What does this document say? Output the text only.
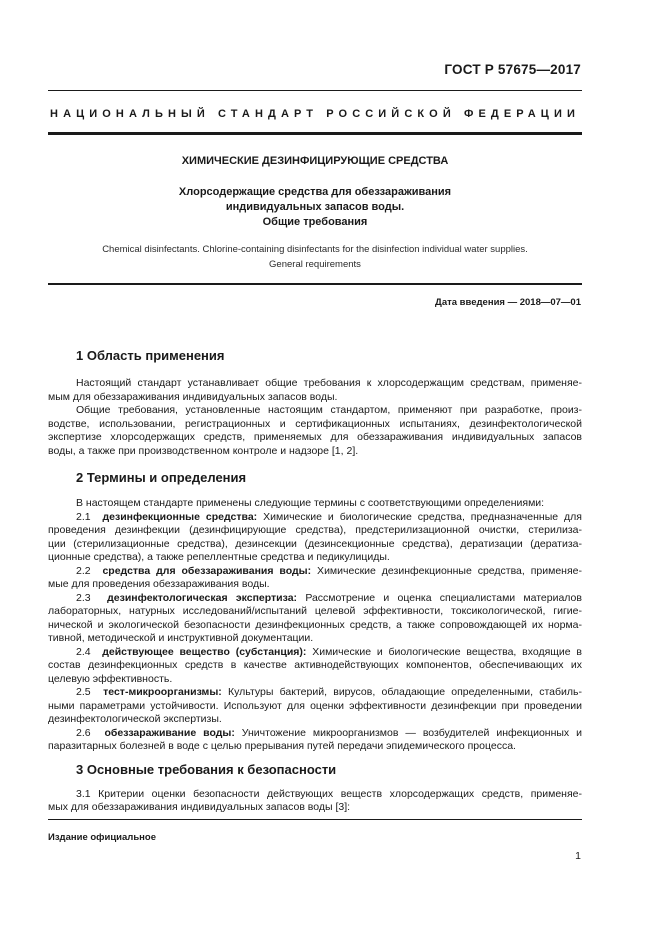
ГОСТ Р 57675—2017
НАЦИОНАЛЬНЫЙ СТАНДАРТ РОССИЙСКОЙ ФЕДЕРАЦИИ
ХИМИЧЕСКИЕ ДЕЗИНФИЦИРУЮЩИЕ СРЕДСТВА
Хлорсодержащие средства для обеззараживания
индивидуальных запасов воды.
Общие требования
Chemical disinfectants. Chlorine-containing disinfectants for the disinfection individual water supplies.
General requirements
Дата введения — 2018—07—01
1 Область применения
Настоящий стандарт устанавливает общие требования к хлорсодержащим средствам, применяе-
мым для обеззараживания индивидуальных запасов воды.
Общие требования, установленные настоящим стандартом, применяют при разработке, произ-
водстве, использовании, регистрационных и сертификационных испытаниях, дезинфектологической
экспертизе хлорсодержащих средств, применяемых для обеззараживания индивидуальных запасов
воды, а также при производственном контроле и надзоре [1, 2].
2 Термины и определения
В настоящем стандарте применены следующие термины с соответствующими определениями:
2.1 дезинфекционные средства: Химические и биологические средства, предназначенные для
проведения дезинфекции (дезинфицирующие средства), предстерилизационной очистки, стерилиза-
ции (стерилизационные средства), дезинсекции (дезинсекционные средства), дератизации (дератиза-
ционные средства), а также репеллентные средства и педикулициды.
2.2 средства для обеззараживания воды: Химические дезинфекционные средства, применяе-
мые для проведения обеззараживания воды.
2.3 дезинфектологическая экспертиза: Рассмотрение и оценка специалистами материалов
лабораторных, натурных исследований/испытаний целевой эффективности, токсикологической, гигие-
нической и экологической безопасности дезинфекционных средств, а также сопровождающей их норма-
тивной, методической и инструктивной документации.
2.4 действующее вещество (субстанция): Химические и биологические вещества, входящие в
состав дезинфекционных средств в качестве активнодействующих компонентов, обеспечивающих их
целевую эффективность.
2.5 тест-микроорганизмы: Культуры бактерий, вирусов, обладающие определенными, стабиль-
ными параметрами устойчивости. Используют для оценки эффективности дезинфекции при проведении
дезинфектологической экспертизы.
2.6 обеззараживание воды: Уничтожение микроорганизмов — возбудителей инфекционных и
паразитарных болезней в воде с целью прерывания путей передачи эпидемического процесса.
3 Основные требования к безопасности
3.1 Критерии оценки безопасности действующих веществ хлорсодержащих средств, применяе-
мых для обеззараживания индивидуальных запасов воды [3]:
Издание официальное
1
